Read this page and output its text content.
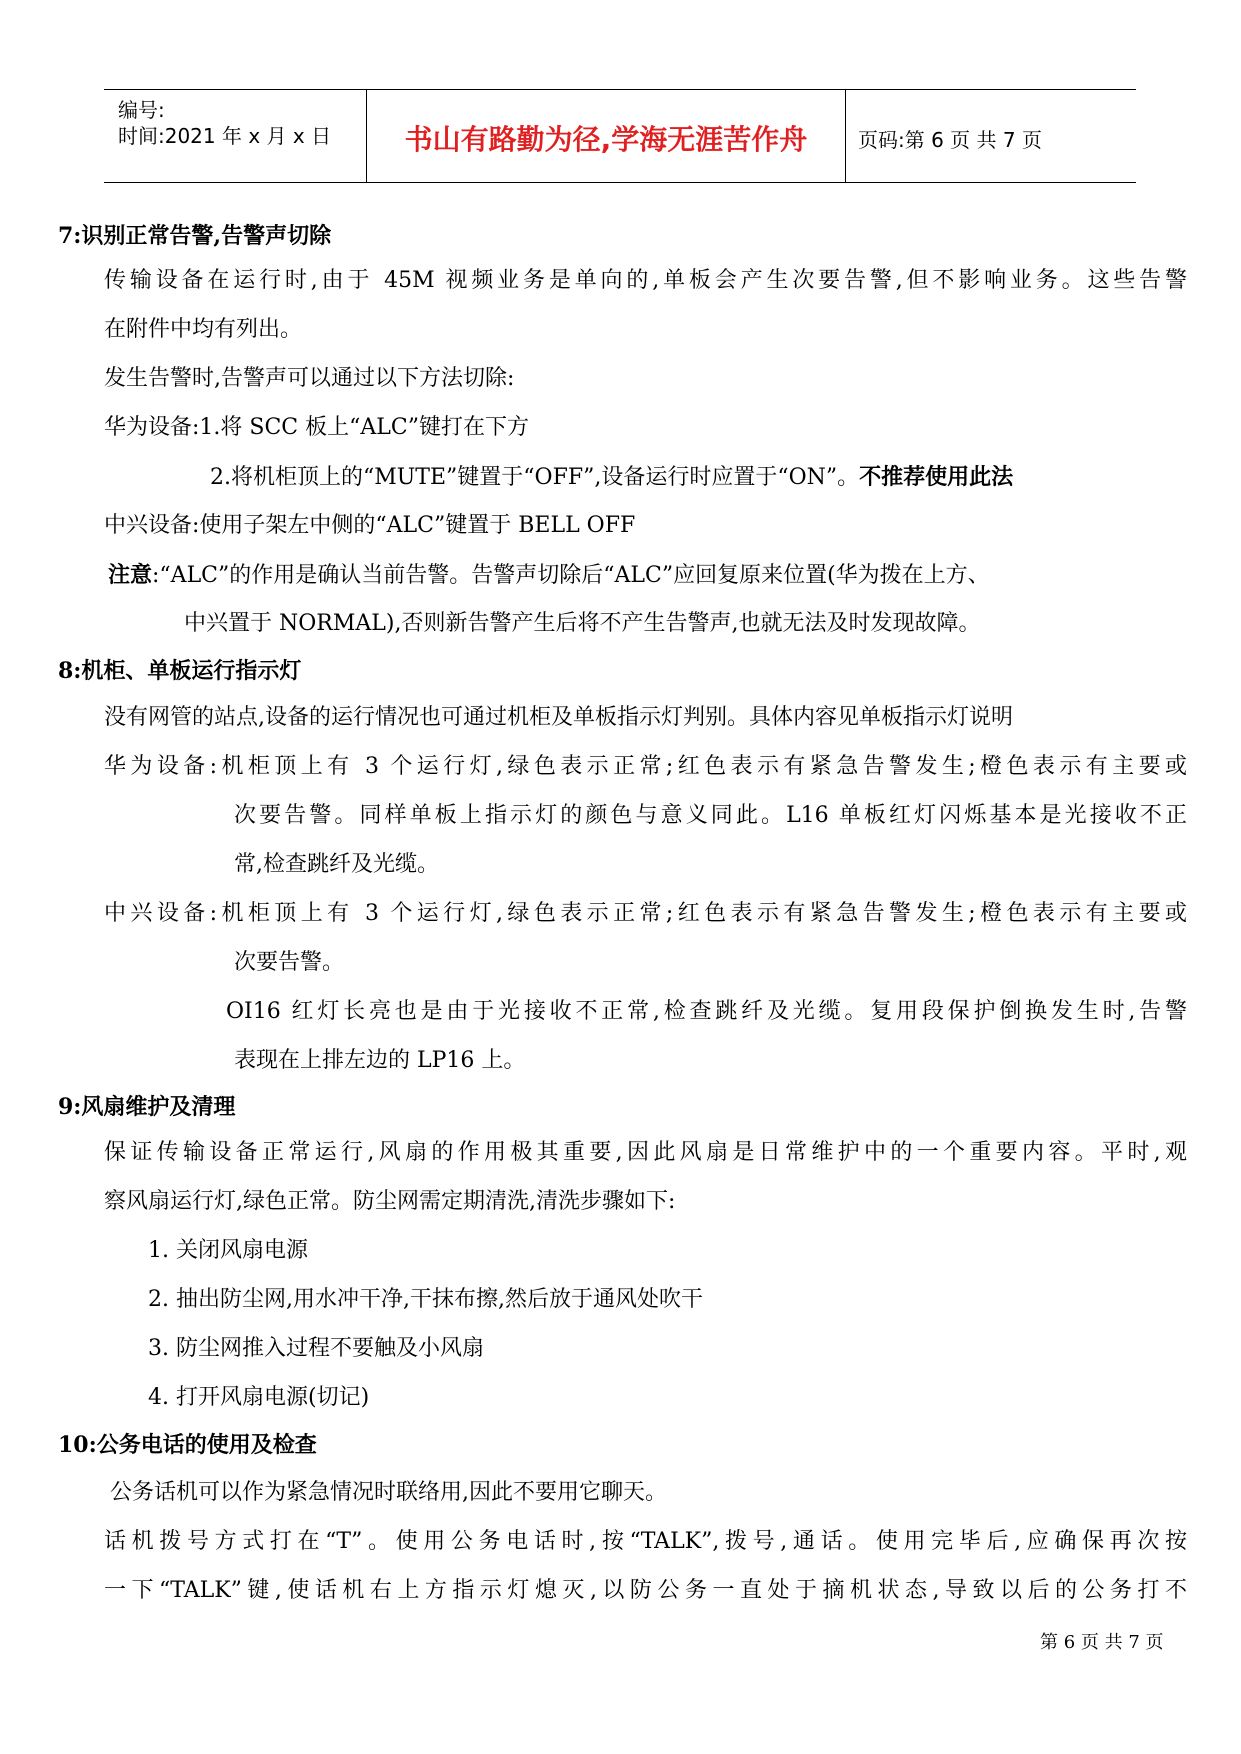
编号:
时间:2021 年 x 月 x 日	书山有路勤为径,学海无涯苦作舟	页码:第 6 页 共 7 页
7:识别正常告警,告警声切除
传输设备在运行时,由于 45M 视频业务是单向的,单板会产生次要告警,但不影响业务。这些告警
在附件中均有列出。
发生告警时,告警声可以通过以下方法切除:
华为设备:1.将 SCC 板上“ALC”键打在下方
2.将机柜顶上的“MUTE”键置于“OFF”,设备运行时应置于“ON”。不推荐使用此法
中兴设备:使用子架左中侧的“ALC”键置于 BELL OFF
注意:“ALC”的作用是确认当前告警。告警声切除后“ALC”应回复原来位置(华为拨在上方、
中兴置于 NORMAL),否则新告警产生后将不产生告警声,也就无法及时发现故障。
8:机柜、单板运行指示灯
没有网管的站点,设备的运行情况也可通过机柜及单板指示灯判别。具体内容见单板指示灯说明
华为设备:机柜顶上有 3 个运行灯,绿色表示正常;红色表示有紧急告警发生;橙色表示有主要或
次要告警。同样单板上指示灯的颜色与意义同此。L16 单板红灯闪烁基本是光接收不正
常,检查跳纤及光缆。
中兴设备:机柜顶上有 3 个运行灯,绿色表示正常;红色表示有紧急告警发生;橙色表示有主要或
次要告警。
OI16 红灯长亮也是由于光接收不正常,检查跳纤及光缆。复用段保护倒换发生时,告警
表现在上排左边的 LP16 上。
9:风扇维护及清理
保证传输设备正常运行,风扇的作用极其重要,因此风扇是日常维护中的一个重要内容。平时,观
察风扇运行灯,绿色正常。防尘网需定期清洗,清洗步骤如下:
1. 关闭风扇电源
2. 抽出防尘网,用水冲干净,干抹布擦,然后放于通风处吹干
3. 防尘网推入过程不要触及小风扇
4. 打开风扇电源(切记)
10:公务电话的使用及检查
公务话机可以作为紧急情况时联络用,因此不要用它聊天。
话机拨号方式打在“T”。使用公务电话时,按“TALK”,拨号,通话。使用完毕后,应确保再次按
一下“TALK”键,使话机右上方指示灯熄灭,以防公务一直处于摘机状态,导致以后的公务打不
第 6 页 共 7 页
